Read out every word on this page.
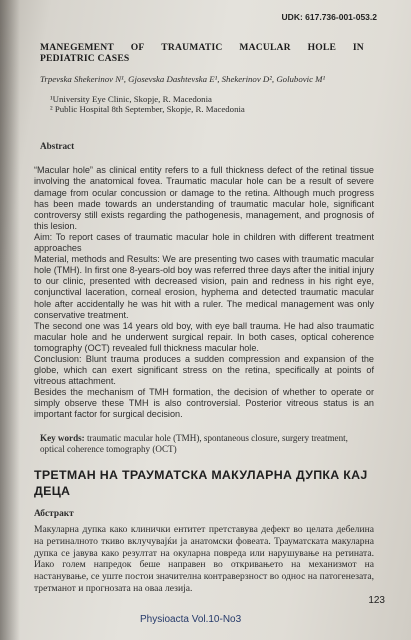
UDK: 617.736-001-053.2
MANEGEMENT OF TRAUMATIC MACULAR HOLE IN
PEDIATRIC CASES
Trpevska Shekerinov N¹, Gjosevska Dashtevska E¹, Shekerinov D², Golubovic M¹
¹University Eye Clinic, Skopje, R. Macedonia
² Public Hospital 8th September, Skopje, R. Macedonia
Abstract

“Macular hole” as clinical entity refers to a full thickness defect of the retinal tissue involving the anatomical fovea. Traumatic macular hole can be a result of severe damage from ocular concussion or damage to the retina. Although much progress has been made towards an understanding of traumatic macular hole, significant controversy still exists regarding the pathogenesis, management, and prognosis of this lesion.

Aim: To report cases of traumatic macular hole in children with different treatment approaches

Material, methods and Results: We are presenting two cases with traumatic macular hole (TMH). In first one 8-years-old boy was referred three days after the initial injury to our clinic, presented with decreased vision, pain and redness in his right eye, conjunctival laceration, corneal erosion, hyphema and detected traumatic macular hole after accidentally he was hit with a ruler. The medical management was only conservative treatment.

The second one was 14 years old boy, with eye ball trauma. He had also traumatic macular hole and he underwent surgical repair. In both cases, optical coherence tomography (OCT) revealed full thickness macular hole.

Conclusion: Blunt trauma produces a sudden compression and expansion of the globe, which can exert significant stress on the retina, specifically at points of vitreous attachment.

Besides the mechanism of TMH formation, the decision of whether to operate or simply observe these TMH is also controversial. Posterior vitreous status is an important factor for surgical decision.

Key words: traumatic macular hole (TMH), spontaneous closure, surgery treatment, optical coherence tomography (OCT)
ТРЕТМАН НА ТРАУМАТСКА МАКУЛАРНА ДУПКА КАЈ
ДЕЦА
Абстракт
Макуларна дупка како клинички ентитет претставува дефект во целата дебелина на ретиналното ткиво вклучувајќи ја анатомски фовеата. Трауматската макуларна дупка се јавува како резултат на окуларна повреда или нарушување на ретината. Иако голем напредок беше направен во откривањето на механизмот на настанување, се уште постои значителна контраверзност во однос на патогенезата, третманот и прогнозата на оваа лезија.
123
Physioacta Vol.10-No3
